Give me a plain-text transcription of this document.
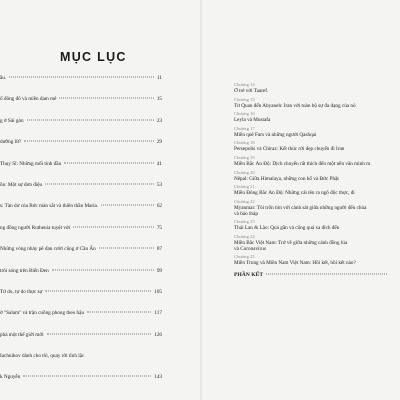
MỤC LỤC
ầu.	11
ố đông đô và miền đam mê	15
g ở Sài gòn	23
dưỡng lữ?	29
Thụy Sĩ: Những mối tình đầu	41
ồn: Một sự đơn điệu	53
s: Tàn dư của Bức màn sắt và thiên thần Maria.	62
ng đồng người Ruthenia tuyệt vời	75
Những vòng nhảy pê đan cười cũng ở Cần Ấn	87
trôi sóng trên Biển Đen	99
Tứ do, tự do thực sự	105
ờ "Salam" và trận cuồng phong theo hậu	117
phá một thế giới mới	126
Iachnikov dành cho tôi, quay rời tĩnh lặc
k Nguyễn	143
Chương 14
Ở trẻ với Taaref.
Chương 15
Từ Quan đến Abyaneh: Iran với toàn bộ sự đa dạng của nó
Chương 16
Leyla và Mustafa
Chương 17
Miền quê Fars và những người Qashqai
Chương 18
Persepolis và Chiraz: Kết thúc rời đẹp chuyến đi Iran
Chương 19
Miền Bắc Ấn Độ: Dịch chuyển rất thích đến một nền văn minh m
Chương 20
Nêpal: Giữa Himalaya, những con hổ và Đức Phật
Chương 21
Miền Đông Bắc Ấn Độ: Những cái tên ra ngõ độc thực, đi
Chương 22
Myanmar: Tôi trốn tìm với cảnh sát giữa những người đến chùa
và bảo tháp
Chương 23
Thái Lan & Lào: Quá gần và cũng quá xa đích đến
Chương 24
Miền Bắc Việt Nam: Trở về giữa những cánh đồng lúa
và Coronavirus
Chương 25
Miền Trung và Miền Nam Việt Nam: Hồi kết, hồi kết nào?
PHẦN KẾT
